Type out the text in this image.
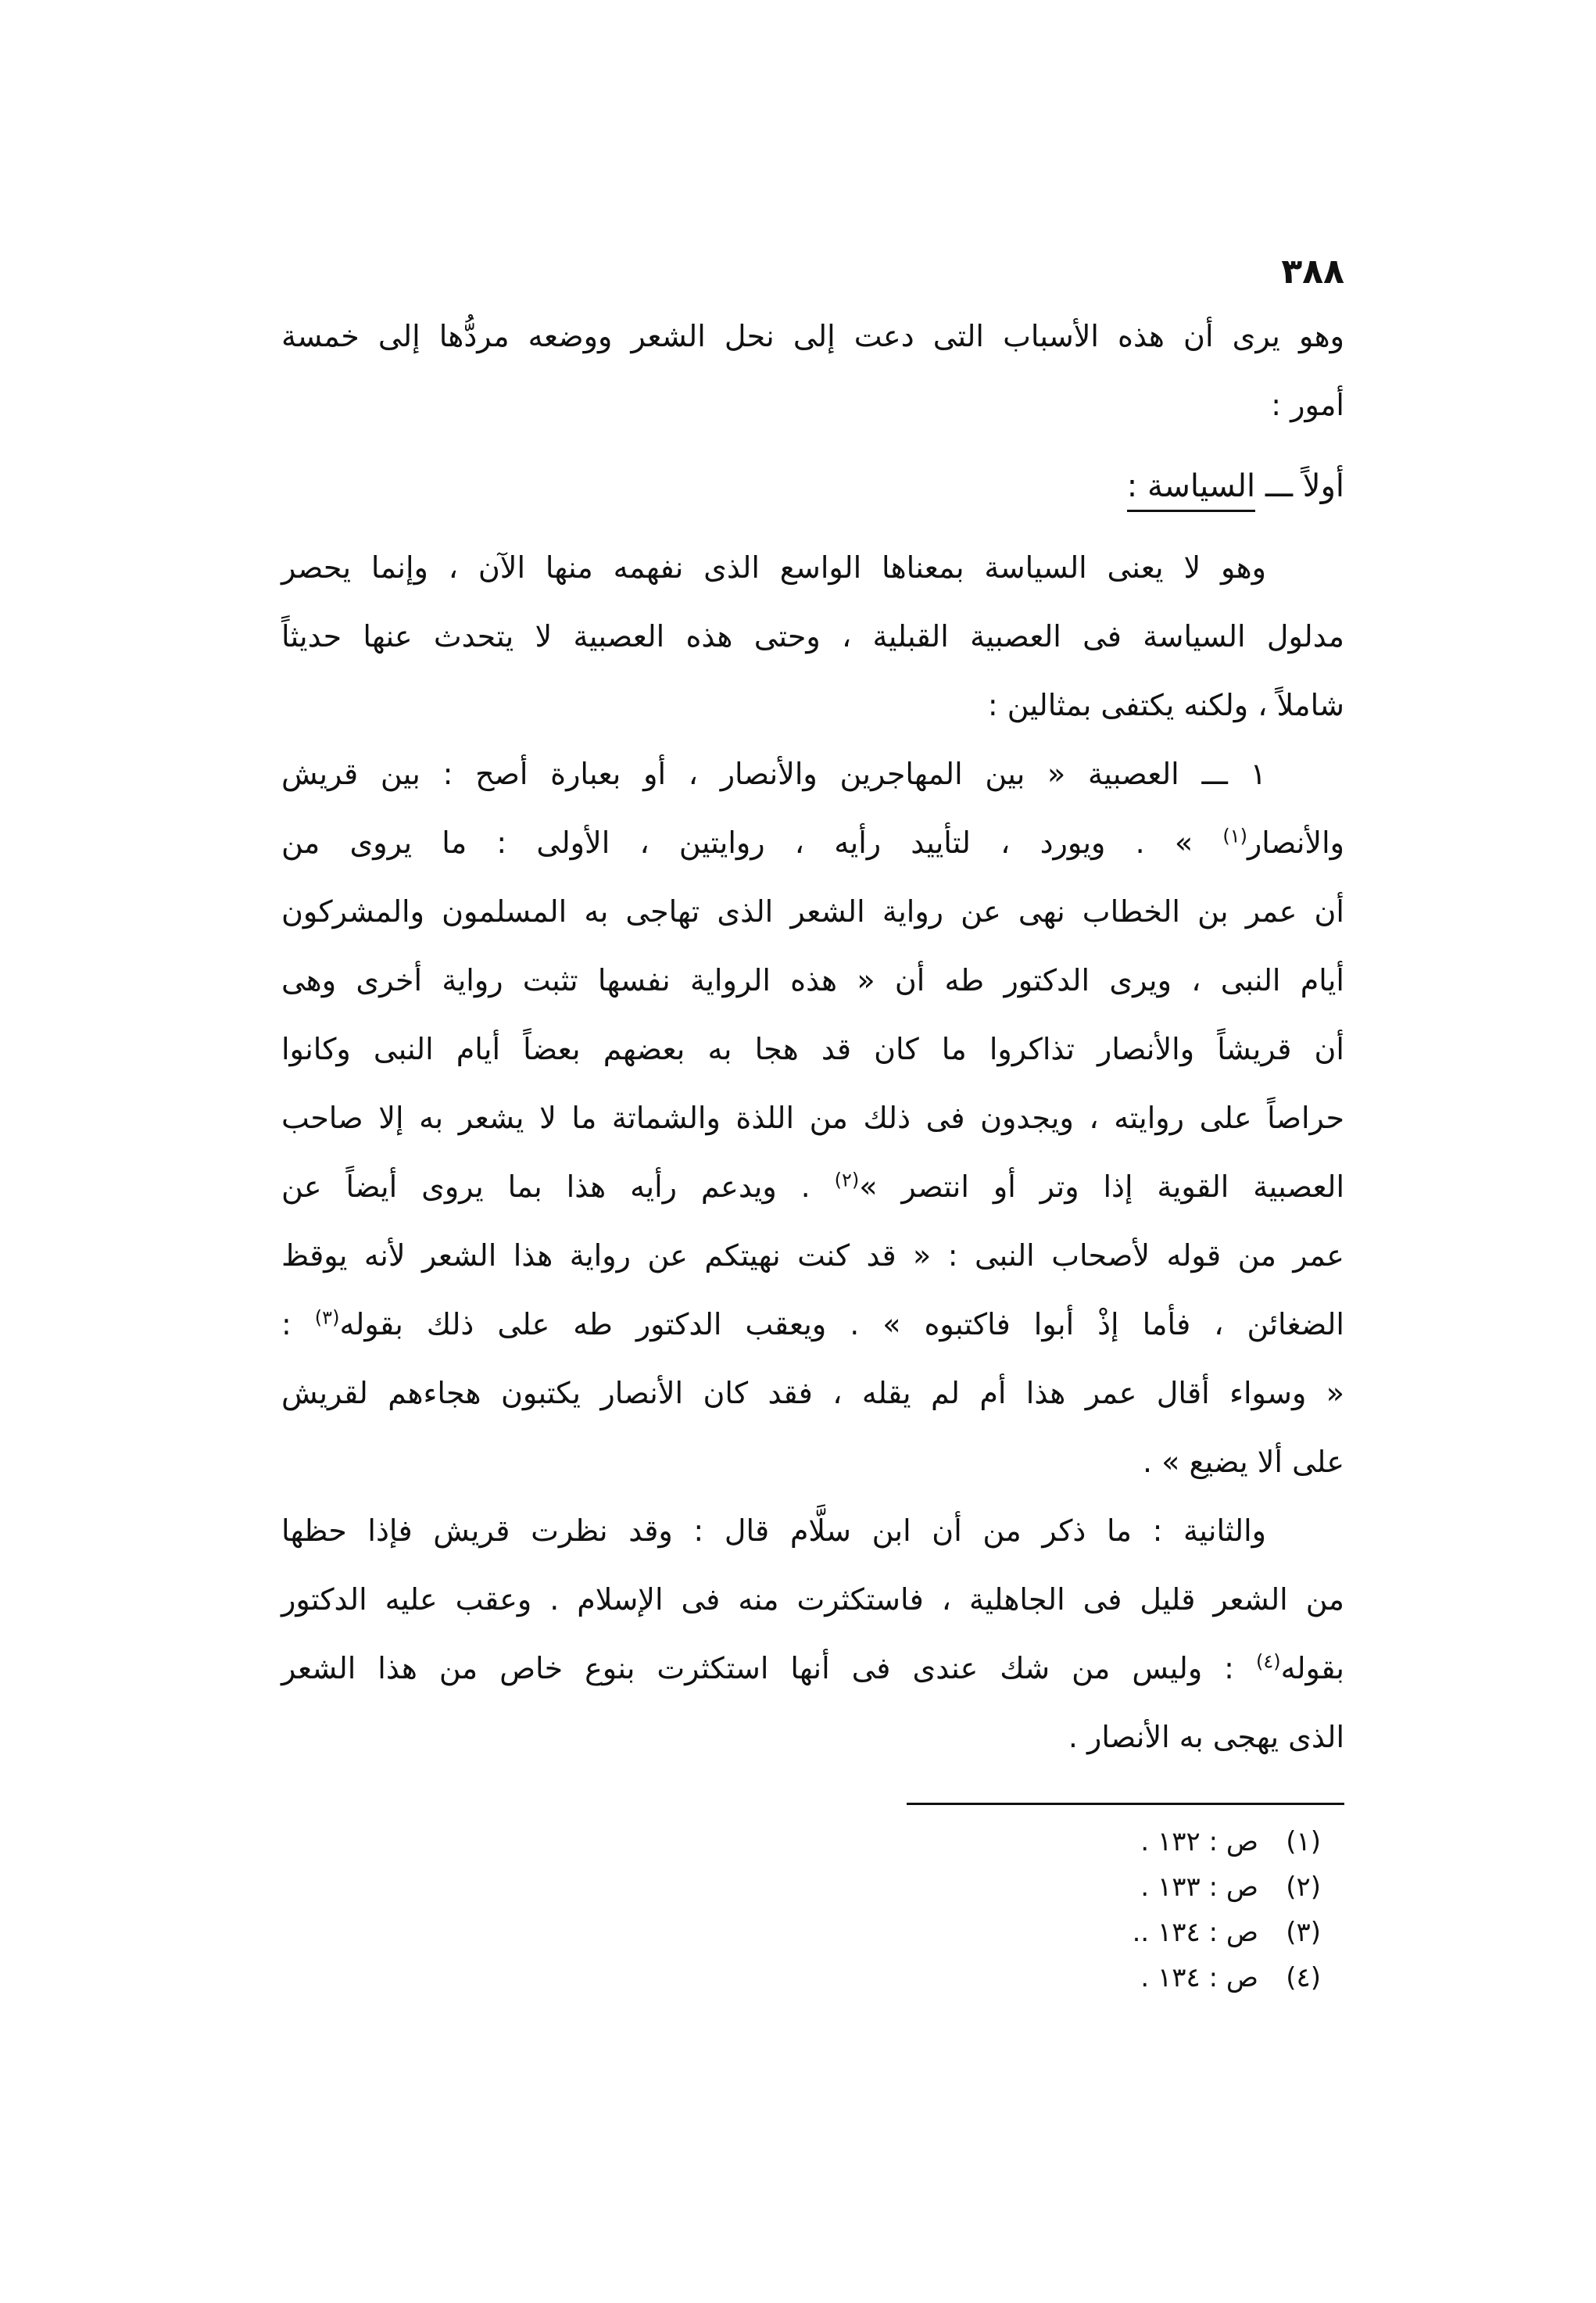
٣٨٨
وهو يرى أن هذه الأسباب التى دعت إلى نحل الشعر ووضعه مردُّها إلى خمسة
أمور :
أولاً ـــ السياسة :
وهو لا يعنى السياسة بمعناها الواسع الذى نفهمه منها الآن ، وإنما يحصر
مدلول السياسة فى العصبية القبلية ، وحتى هذه العصبية لا يتحدث عنها حديثاً
شاملاً ، ولكنه يكتفى بمثالين :
١ ـــ العصبية « بين المهاجرين والأنصار ، أو بعبارة أصح : بين قريش
والأنصار$^{(١)}$ » . ويورد ، لتأييد رأيه ، روايتين ، الأولى : ما يروى من
أن عمر بن الخطاب نهى عن رواية الشعر الذى تهاجى به المسلمون والمشركون
أيام النبى ، ويرى الدكتور طه أن « هذه الرواية نفسها تثبت رواية أخرى وهى
أن قريشاً والأنصار تذاكروا ما كان قد هجا به بعضهم بعضاً أيام النبى وكانوا
حراصاً على روايته ، ويجدون فى ذلك من اللذة والشماتة ما لا يشعر به إلا صاحب
العصبية القوية إذا وتر أو انتصر »$^{(٢)}$ . ويدعم رأيه هذا بما يروى أيضاً عن
عمر من قوله لأصحاب النبى : « قد كنت نهيتكم عن رواية هذا الشعر لأنه يوقظ
الضغائن ، فأما إذْ أبوا فاكتبوه » . ويعقب الدكتور طه على ذلك بقوله$^{(٣)}$ :
« وسواء أقال عمر هذا أم لم يقله ، فقد كان الأنصار يكتبون هجاءهم لقريش
على ألا يضيع » .
والثانية : ما ذكر من أن ابن سلَّام قال : وقد نظرت قريش فإذا حظها
من الشعر قليل فى الجاهلية ، فاستكثرت منه فى الإسلام . وعقب عليه الدكتور
بقوله$^{(٤)}$ : وليس من شك عندى فى أنها استكثرت بنوع خاص من هذا الشعر
الذى يهجى به الأنصار .
(١)ص : ١٣٢ .
(٢)ص : ١٣٣ .
(٣)ص : ١٣٤ ..
(٤)ص : ١٣٤ .
